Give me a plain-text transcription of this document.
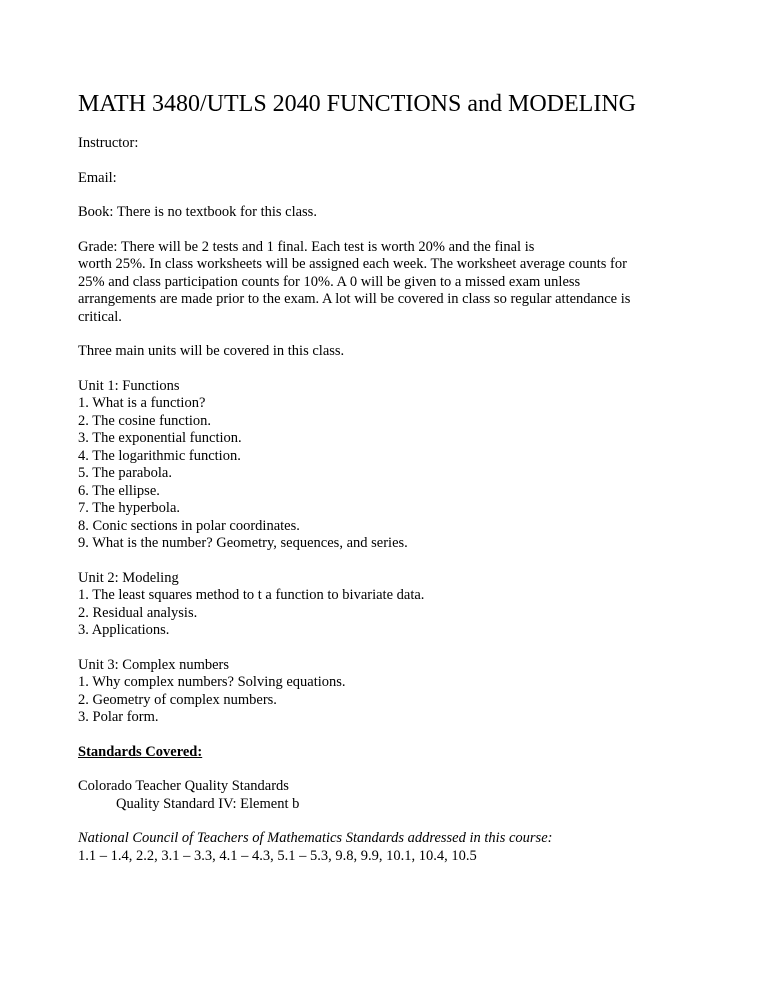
MATH 3480/UTLS 2040 FUNCTIONS and MODELING

Instructor:

Email:

Book: There is no textbook for this class.

Grade: There will be 2 tests and 1 final. Each test is worth 20% and the final is
worth 25%. In class worksheets will be assigned each week. The worksheet average counts for
25% and class participation counts for 10%. A 0 will be given to a missed exam unless
arrangements are made prior to the exam. A lot will be covered in class so regular attendance is
critical.

Three main units will be covered in this class.

Unit 1: Functions
1. What is a function?
2. The cosine function.
3. The exponential function.
4. The logarithmic function.
5. The parabola.
6. The ellipse.
7. The hyperbola.
8. Conic sections in polar coordinates.
9. What is the number? Geometry, sequences, and series.
Unit 2: Modeling
1. The least squares method to t a function to bivariate data.
2. Residual analysis.
3. Applications.
Unit 3: Complex numbers
1. Why complex numbers? Solving equations.
2. Geometry of complex numbers.
3. Polar form.

Standards Covered:

Colorado Teacher Quality Standards
Quality Standard IV: Element b
National Council of Teachers of Mathematics Standards addressed in this course:
1.1 – 1.4, 2.2, 3.1 – 3.3, 4.1 – 4.3, 5.1 – 5.3, 9.8, 9.9, 10.1, 10.4, 10.5
